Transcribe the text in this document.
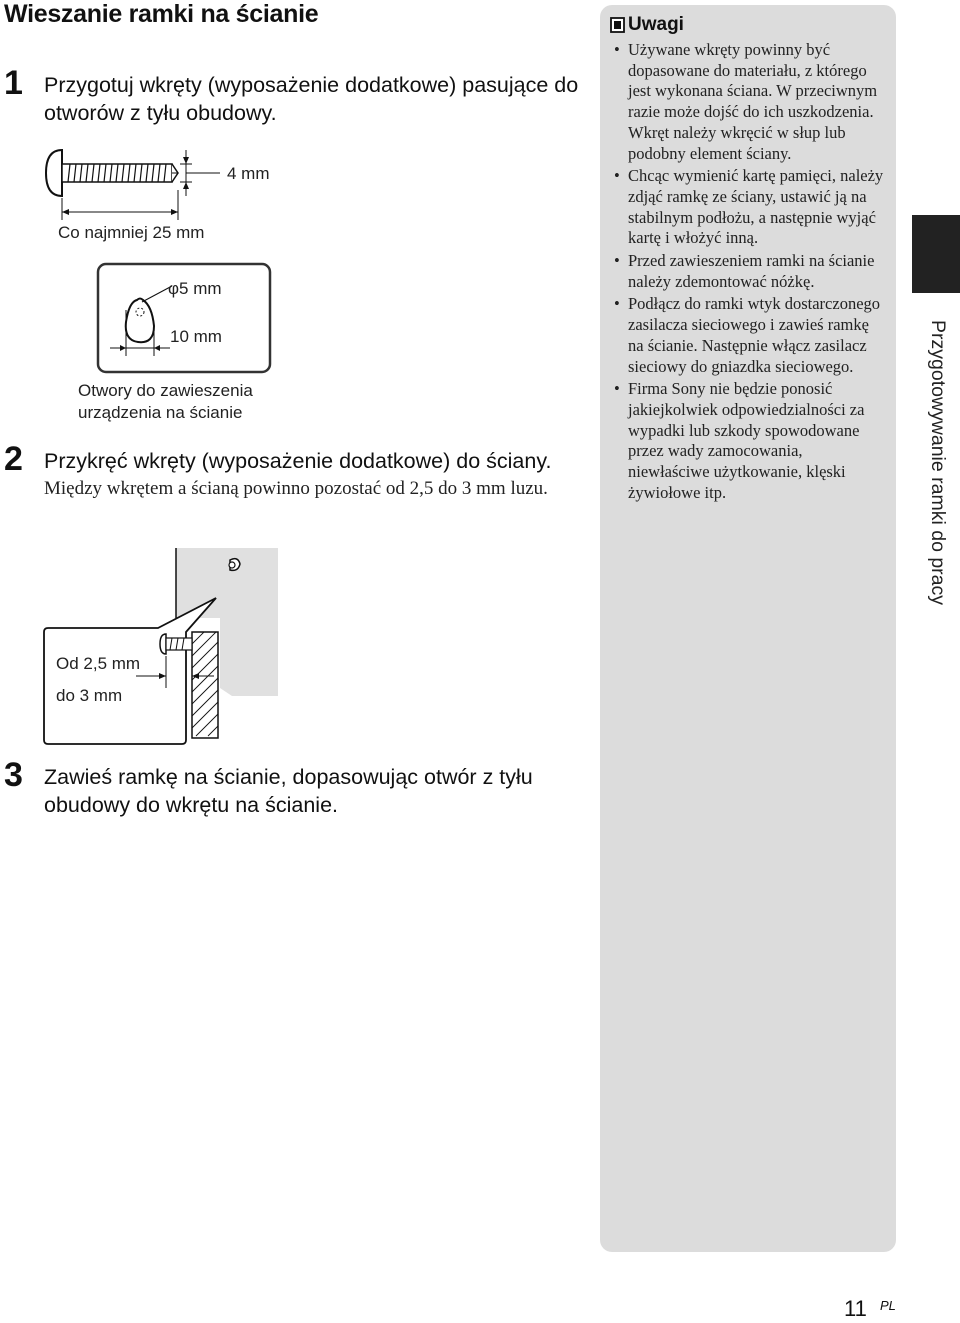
Wieszanie ramki na ścianie
1 Przygotuj wkręty (wyposażenie dodatkowe) pasujące do otworów z tyłu obudowy.
4 mm
Co najmniej 25 mm
φ5 mm
10 mm
Otwory do zawieszenia urządzenia na ścianie
2 Przykręć wkręty (wyposażenie dodatkowe) do ściany.
Między wkrętem a ścianą powinno pozostać od 2,5 do 3 mm luzu.
Od 2,5 mm
do 3 mm
3 Zawieś ramkę na ścianie, dopasowując otwór z tyłu obudowy do wkrętu na ścianie.
Uwagi
• Używane wkręty powinny być dopasowane do materiału, z którego jest wykonana ściana. W przeciwnym razie może dojść do ich uszkodzenia. Wkręt należy wkręcić w słup lub podobny element ściany.
• Chcąc wymienić kartę pamięci, należy zdjąć ramkę ze ściany, ustawić ją na stabilnym podłożu, a następnie wyjąć kartę i włożyć inną.
• Przed zawieszeniem ramki na ścianie należy zdemontować nóżkę.
• Podłącz do ramki wtyk dostarczonego zasilacza sieciowego i zawieś ramkę na ścianie. Następnie włącz zasilacz sieciowy do gniazdka sieciowego.
• Firma Sony nie będzie ponosić jakiejkolwiek odpowiedzialności za wypadki lub szkody spowodowane przez wady zamocowania, niewłaściwe użytkowanie, klęski żywiołowe itp.	Przygotowywanie ramki do pracy
11 PL
